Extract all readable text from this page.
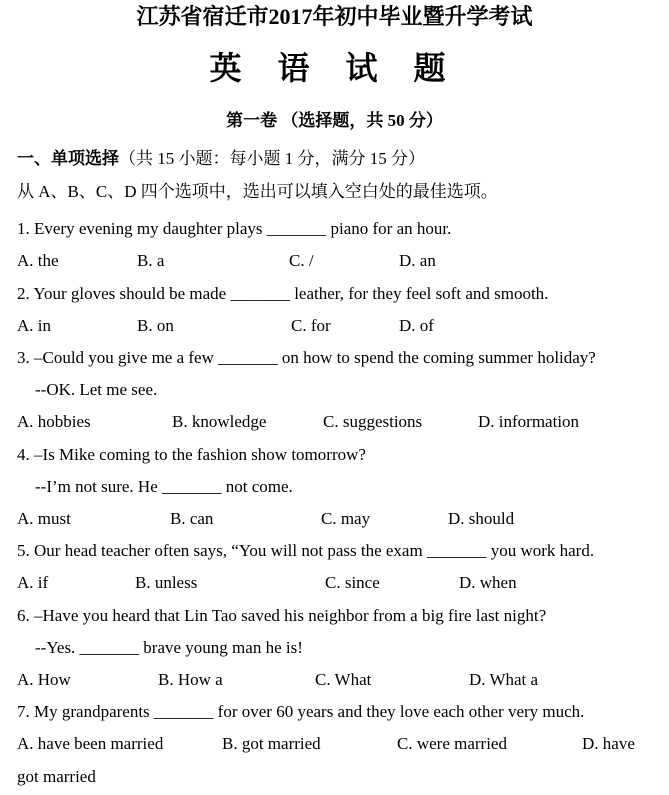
江苏省宿迁市2017年初中毕业暨升学考试
英 语 试 题
第一卷 （选择题，共 50 分）
一、单项选择（共 15 小题：每小题 1 分，满分 15 分）
从 A、B、C、D 四个选项中，选出可以填入空白处的最佳选项。
1. Every evening my daughter plays _______ piano for an hour.
A. the	B. a	C. /	D. an
2. Your gloves should be made _______ leather, for they feel soft and smooth.
A. in	B. on	C. for	D. of
3. –Could you give me a few _______ on how to spend the coming summer holiday?
--OK. Let me see.
A. hobbies	B. knowledge	C. suggestions	D. information
4. –Is Mike coming to the fashion show tomorrow?
--I’m not sure. He _______ not come.
A. must	B. can	C. may	D. should
5. Our head teacher often says, “You will not pass the exam _______ you work hard.
A. if	B. unless	C. since	D. when
6. –Have you heard that Lin Tao saved his neighbor from a big fire last night?
--Yes. _______ brave young man he is!
A. How	B. How a	C. What	D. What a
7. My grandparents _______ for over 60 years and they love each other very much.
A. have been married	B. got married	C. were married	D. have
got married
